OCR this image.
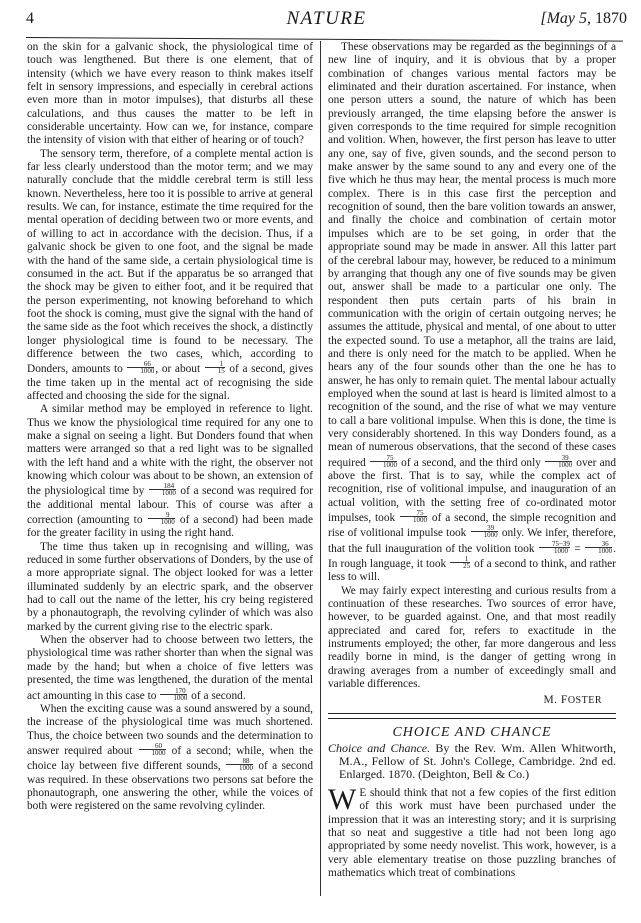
4	NATURE	[May 5, 1870

on the skin for a galvanic shock, the physiological time of touch was lengthened. But there is one element, that of intensity (which we have every reason to think makes itself felt in sensory impressions, and especially in cerebral actions even more than in motor impulses), that disturbs all these calculations, and thus causes the matter to be left in considerable uncertainty. How can we, for instance, compare the intensity of vision with that either of hearing or of touch?

The sensory term, therefore, of a complete mental action is far less clearly understood than the motor term; and we may naturally conclude that the middle cerebral term is still less known. Nevertheless, here too it is possible to arrive at general results. We can, for instance, estimate the time required for the mental operation of deciding between two or more events, and of willing to act in accordance with the decision. Thus, if a galvanic shock be given to one foot, and the signal be made with the hand of the same side, a certain physiological time is consumed in the act. But if the apparatus be so arranged that the shock may be given to either foot, and it be required that the person experimenting, not knowing beforehand to which foot the shock is coming, must give the signal with the hand of the same side as the foot which receives the shock, a distinctly longer physiological time is found to be necessary. The difference between the two cases, which, according to Donders, amounts to $\frac{66}{1000}$ , or about $\frac{1}{15}$ of a second, gives the time taken up in the mental act of recognising the side affected and choosing the side for the signal.

A similar method may be employed in reference to light. Thus we know the physiological time required for any one to make a signal on seeing a light. But Donders found that when matters were arranged so that a red light was to be signalled with the left hand and a white with the right, the observer not knowing which colour was about to be shown, an extension of the physiological time by $\frac{184}{1000}$ of a second was required for the additional mental labour. This of course was after a correction (amounting to $\frac{9}{1000}$ of a second) had been made for the greater facility in using the right hand.

The time thus taken up in recognising and willing, was reduced in some further observations of Donders, by the use of a more appropriate signal. The object looked for was a letter illuminated suddenly by an electric spark, and the observer had to call out the name of the letter, his cry being registered by a phonautograph, the revolving cylinder of which was also marked by the current giving rise to the electric spark.

When the observer had to choose between two letters, the physiological time was rather shorter than when the signal was made by the hand; but when a choice of five letters was presented, the time was lengthened, the duration of the mental act amounting in this case to $\frac{170}{1000}$ of a second.

When the exciting cause was a sound answered by a sound, the increase of the physiological time was much shortened. Thus, the choice between two sounds and the determination to answer required about $\frac{60}{1000}$ of a second; while, when the choice lay between five different sounds, $\frac{88}{1000}$ of a second was required. In these observations two persons sat before the phonautograph, one answering the other, while the voices of both were registered on the same revolving cylinder.

These observations may be regarded as the beginnings of a new line of inquiry, and it is obvious that by a proper combination of changes various mental factors may be eliminated and their duration ascertained. For instance, when one person utters a sound, the nature of which has been previously arranged, the time elapsing before the answer is given corresponds to the time required for simple recognition and volition. When, however, the first person has leave to utter any one, say of five, given sounds, and the second person to make answer by the same sound to any and every one of the five which he thus may hear, the mental process is much more complex. There is in this case first the perception and recognition of sound, then the bare volition towards an answer, and finally the choice and combination of certain motor impulses which are to be set going, in order that the appropriate sound may be made in answer. All this latter part of the cerebral labour may, however, be reduced to a minimum by arranging that though any one of five sounds may be given out, answer shall be made to a particular one only. The respondent then puts certain parts of his brain in communication with the origin of certain outgoing nerves; he assumes the attitude, physical and mental, of one about to utter the expected sound. To use a metaphor, all the trains are laid, and there is only need for the match to be applied. When he hears any of the four sounds other than the one he has to answer, he has only to remain quiet. The mental labour actually employed when the sound at last is heard is limited almost to a recognition of the sound, and the rise of what we may venture to call a bare volitional impulse. When this is done, the time is very considerably shortened. In this way Donders found, as a mean of numerous observations, that the second of these cases required $\frac{75}{1000}$ of a second, and the third only $\frac{39}{1000}$ over and above the first. That is to say, while the complex act of recognition, rise of volitional impulse, and inauguration of an actual volition, with the setting free of co-ordinated motor impulses, took $\frac{75}{1000}$ of a second, the simple recognition and rise of volitional impulse took $\frac{39}{1000}$ only. We infer, therefore, that the full inauguration of the volition took $\frac{75-39}{1000} = \frac{36}{1000}$ . In rough language, it took $\frac{1}{25}$ of a second to think, and rather less to will.

We may fairly expect interesting and curious results from a continuation of these researches. Two sources of error have, however, to be guarded against. One, and that most readily appreciated and cared for, refers to exactitude in the instruments employed; the other, far more dangerous and less readily borne in mind, is the danger of getting wrong in drawing averages from a number of exceedingly small and variable differences.

M. FOSTER
CHOICE AND CHANCE
Choice and Chance. By the Rev. Wm. Allen Whitworth, M.A., Fellow of St. John's College, Cambridge. 2nd ed. Enlarged. 1870. (Deighton, Bell & Co.)

W E should think that not a few copies of the first edition of this work must have been purchased under the impression that it was an interesting story; and it is surprising that so neat and suggestive a title had not been long ago appropriated by some needy novelist. This work, however, is a very able elementary treatise on those puzzling branches of mathematics which treat of combinations
